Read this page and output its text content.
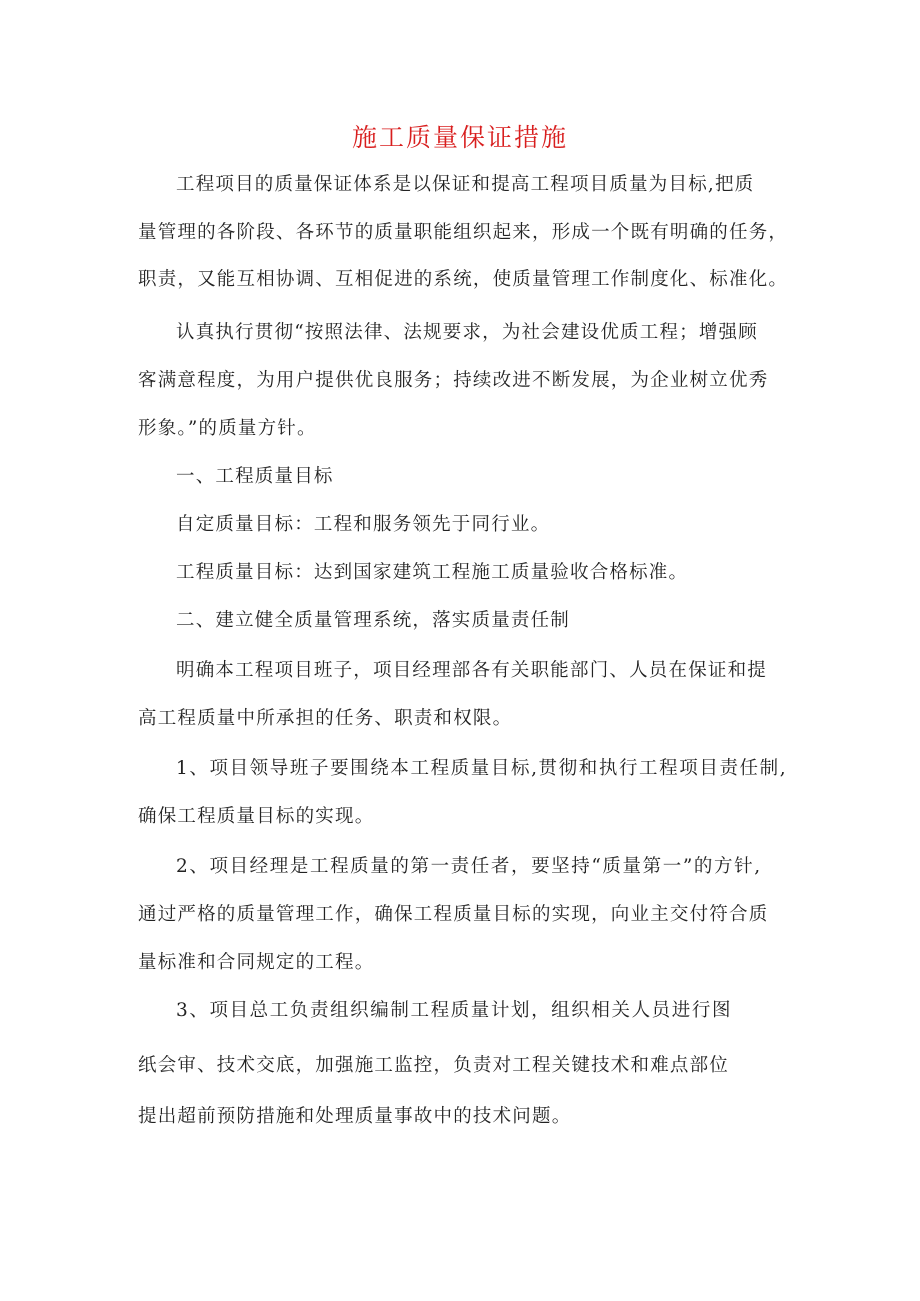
施工质量保证措施
工程项目的质量保证体系是以保证和提高工程项目质量为目标,把质
量管理的各阶段、各环节的质量职能组织起来，形成一个既有明确的任务，
职责，又能互相协调、互相促进的系统，使质量管理工作制度化、标准化。
认真执行贯彻“按照法律、法规要求，为社会建设优质工程；增强顾
客满意程度，为用户提供优良服务；持续改进不断发展，为企业树立优秀
形象。”的质量方针。
一、工程质量目标
自定质量目标：工程和服务领先于同行业。
工程质量目标：达到国家建筑工程施工质量验收合格标准。
二、建立健全质量管理系统，落实质量责任制
明确本工程项目班子，项目经理部各有关职能部门、人员在保证和提
高工程质量中所承担的任务、职责和权限。
1、项目领导班子要围绕本工程质量目标,贯彻和执行工程项目责任制,
确保工程质量目标的实现。
2、项目经理是工程质量的第一责任者，要坚持“质量第一”的方针,
通过严格的质量管理工作，确保工程质量目标的实现，向业主交付符合质
量标准和合同规定的工程。
3、项目总工负责组织编制工程质量计划，组织相关人员进行图
纸会审、技术交底，加强施工监控，负责对工程关键技术和难点部位
提出超前预防措施和处理质量事故中的技术问题。
